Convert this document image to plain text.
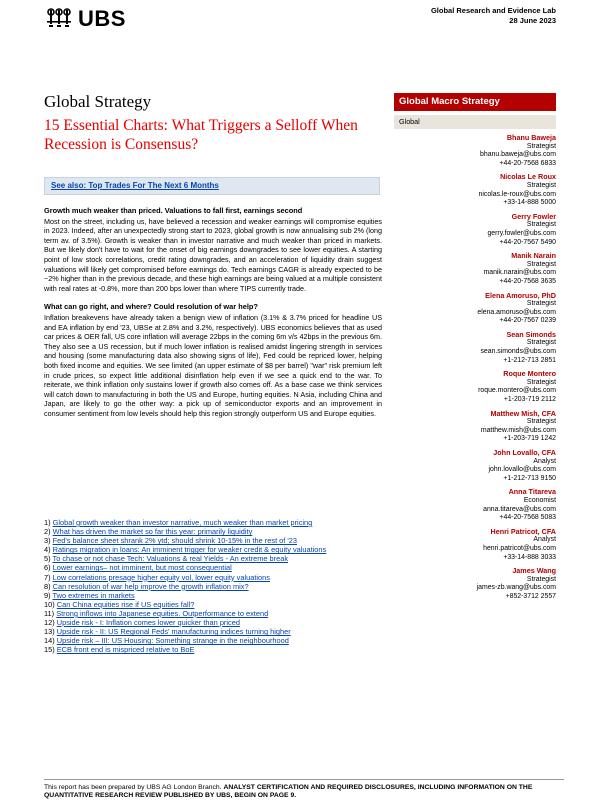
UBS	Global Research and Evidence Lab
28 June 2023
Global Strategy
15 Essential Charts: What Triggers a Selloff When Recession is Consensus?
See also: Top Trades For The Next 6 Months
Growth much weaker than priced. Valuations to fall first, earnings second

Most on the street, including us, have believed a recession and weaker earnings will compromise equities in 2023. Indeed, after an unexpectedly strong start to 2023, global growth is now annualising sub 2% (long term av. of 3.5%). Growth is weaker than in investor narrative and much weaker than priced in markets. But we likely don't have to wait for the onset of big earnings downgrades to see lower equities. A starting point of low stock correlations, credit rating downgrades, and an acceleration of liquidity drain suggest valuations will likely get compromised before earnings do. Tech earnings CAGR is already expected to be ~2% higher than in the previous decade, and these high earnings are being valued at a multiple consistent with real rates at -0.8%, more than 200 bps lower than where TIPS currently trade.

What can go right, and where? Could resolution of war help?

Inflation breakevens have already taken a benign view of inflation (3.1% & 3.7% priced for headline US and EA inflation by end '23, UBSe at 2.8% and 3.2%, respectively). UBS economics believes that as used car prices & OER fall, US core inflation will average 22bps in the coming 6m v/s 42bps in the previous 6m. They also see a US recession, but if much lower inflation is realised amidst lingering strength in services and housing (some manufacturing data also showing signs of life), Fed could be repriced lower, helping both fixed income and equities. We see limited (an upper estimate of $8 per barrel) "war" risk premium left in crude prices, so expect little additional disinflation help even if we see a quick end to the war. To reiterate, we think inflation only sustains lower if growth also comes off. As a base case we think services will catch down to manufacturing in both the US and Europe, hurting equities. N Asia, including China and Japan, are likely to go the other way: a pick up of semiconductor exports and an improvement in consumer sentiment from low levels should help this region strongly outperform US and Europe equities.

1) Global growth weaker than investor narrative, much weaker than market pricing
2) What has driven the market so far this year: primarily liquidity
3) Fed's balance sheet shrank 2% ytd; should shrink 10-15% in the rest of '23
4) Ratings migration in loans: An imminent trigger for weaker credit & equity valuations
5) To chase or not chase Tech: Valuations & real Yields - An extreme break
6) Lower earnings– not imminent, but most consequential
7) Low correlations presage higher equity vol, lower equity valuations
8) Can resolution of war help improve the growth inflation mix?
9) Two extremes in markets
10) Can China equities rise if US equities fall?
11) Strong inflows into Japanese equities. Outperformance to extend
12) Upside risk - I: Inflation comes lower quicker than priced
13) Upside risk - II: US Regional Feds' manufacturing indices turning higher
14) Upside risk – III: US Housing: Something strange in the neighbourhood
15) ECB front end is mispriced relative to BoE
Global Macro Strategy
Global
Bhanu Baweja
Strategist
bhanu.baweja@ubs.com
+44-20-7568 6833
Nicolas Le Roux
Strategist
nicolas.le-roux@ubs.com
+33-14-888 5000
Gerry Fowler
Strategist
gerry.fowler@ubs.com
+44-20-7567 5490
Manik Narain
Strategist
manik.narain@ubs.com
+44-20-7568 3635
Elena Amoruso, PhD
Strategist
elena.amoruso@ubs.com
+44-20-7567 0239
Sean Simonds
Strategist
sean.simonds@ubs.com
+1-212-713 2851
Roque Montero
Strategist
roque.montero@ubs.com
+1-203-719 2112
Matthew Mish, CFA
Strategist
matthew.mish@ubs.com
+1-203-719 1242
John Lovallo, CFA
Analyst
john.lovallo@ubs.com
+1-212-713 9150
Anna Titareva
Economist
anna.titareva@ubs.com
+44-20-7568 5083
Henri Patricot, CFA
Analyst
henri.patricot@ubs.com
+33-14-888 3033
James Wang
Strategist
james-zb.wang@ubs.com
+852-3712 2557
This report has been prepared by UBS AG London Branch. ANALYST CERTIFICATION AND REQUIRED DISCLOSURES, INCLUDING INFORMATION ON THE QUANTITATIVE RESEARCH REVIEW PUBLISHED BY UBS, BEGIN ON PAGE 9.
